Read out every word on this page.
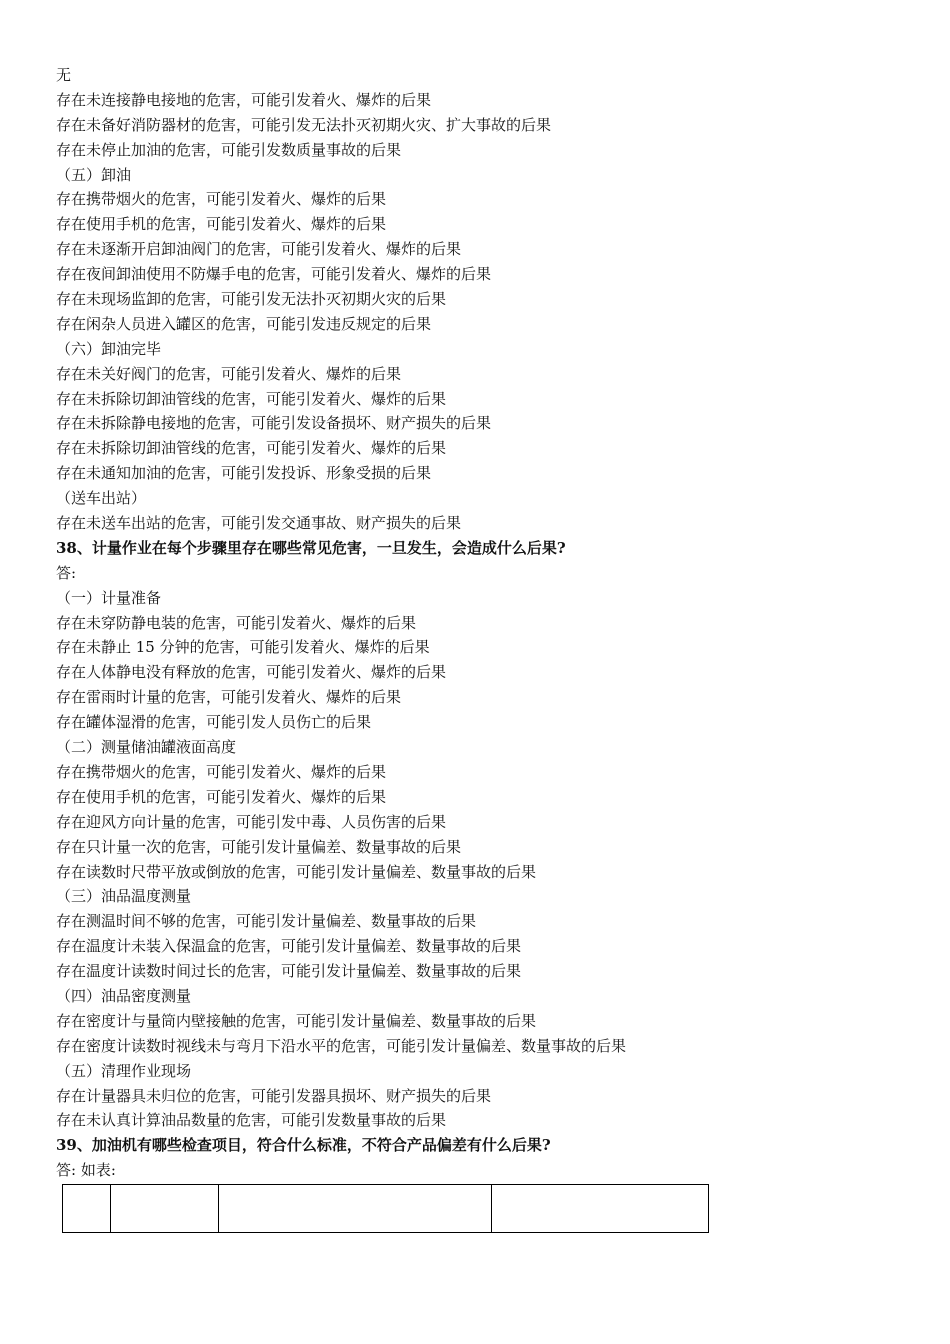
无
存在未连接静电接地的危害，可能引发着火、爆炸的后果
存在未备好消防器材的危害，可能引发无法扑灭初期火灾、扩大事故的后果
存在未停止加油的危害，可能引发数质量事故的后果
（五）卸油
存在携带烟火的危害，可能引发着火、爆炸的后果
存在使用手机的危害，可能引发着火、爆炸的后果
存在未逐渐开启卸油阀门的危害，可能引发着火、爆炸的后果
存在夜间卸油使用不防爆手电的危害，可能引发着火、爆炸的后果
存在未现场监卸的危害，可能引发无法扑灭初期火灾的后果
存在闲杂人员进入罐区的危害，可能引发违反规定的后果
（六）卸油完毕
存在未关好阀门的危害，可能引发着火、爆炸的后果
存在未拆除切卸油管线的危害，可能引发着火、爆炸的后果
存在未拆除静电接地的危害，可能引发设备损坏、财产损失的后果
存在未拆除切卸油管线的危害，可能引发着火、爆炸的后果
存在未通知加油的危害，可能引发投诉、形象受损的后果
（送车出站）
存在未送车出站的危害，可能引发交通事故、财产损失的后果
38、计量作业在每个步骤里存在哪些常见危害，一旦发生，会造成什么后果?
答:
（一）计量准备
存在未穿防静电装的危害，可能引发着火、爆炸的后果
存在未静止 15 分钟的危害，可能引发着火、爆炸的后果
存在人体静电没有释放的危害，可能引发着火、爆炸的后果
存在雷雨时计量的危害，可能引发着火、爆炸的后果
存在罐体湿滑的危害，可能引发人员伤亡的后果
（二）测量储油罐液面高度
存在携带烟火的危害，可能引发着火、爆炸的后果
存在使用手机的危害，可能引发着火、爆炸的后果
存在迎风方向计量的危害，可能引发中毒、人员伤害的后果
存在只计量一次的危害，可能引发计量偏差、数量事故的后果
存在读数时尺带平放或倒放的危害，可能引发计量偏差、数量事故的后果
（三）油品温度测量
存在测温时间不够的危害，可能引发计量偏差、数量事故的后果
存在温度计未装入保温盒的危害，可能引发计量偏差、数量事故的后果
存在温度计读数时间过长的危害，可能引发计量偏差、数量事故的后果
（四）油品密度测量
存在密度计与量筒内壁接触的危害，可能引发计量偏差、数量事故的后果
存在密度计读数时视线未与弯月下沿水平的危害，可能引发计量偏差、数量事故的后果
（五）清理作业现场
存在计量器具未归位的危害，可能引发器具损坏、财产损失的后果
存在未认真计算油品数量的危害，可能引发数量事故的后果
39、加油机有哪些检查项目，符合什么标准，不符合产品偏差有什么后果?
答: 如表:
